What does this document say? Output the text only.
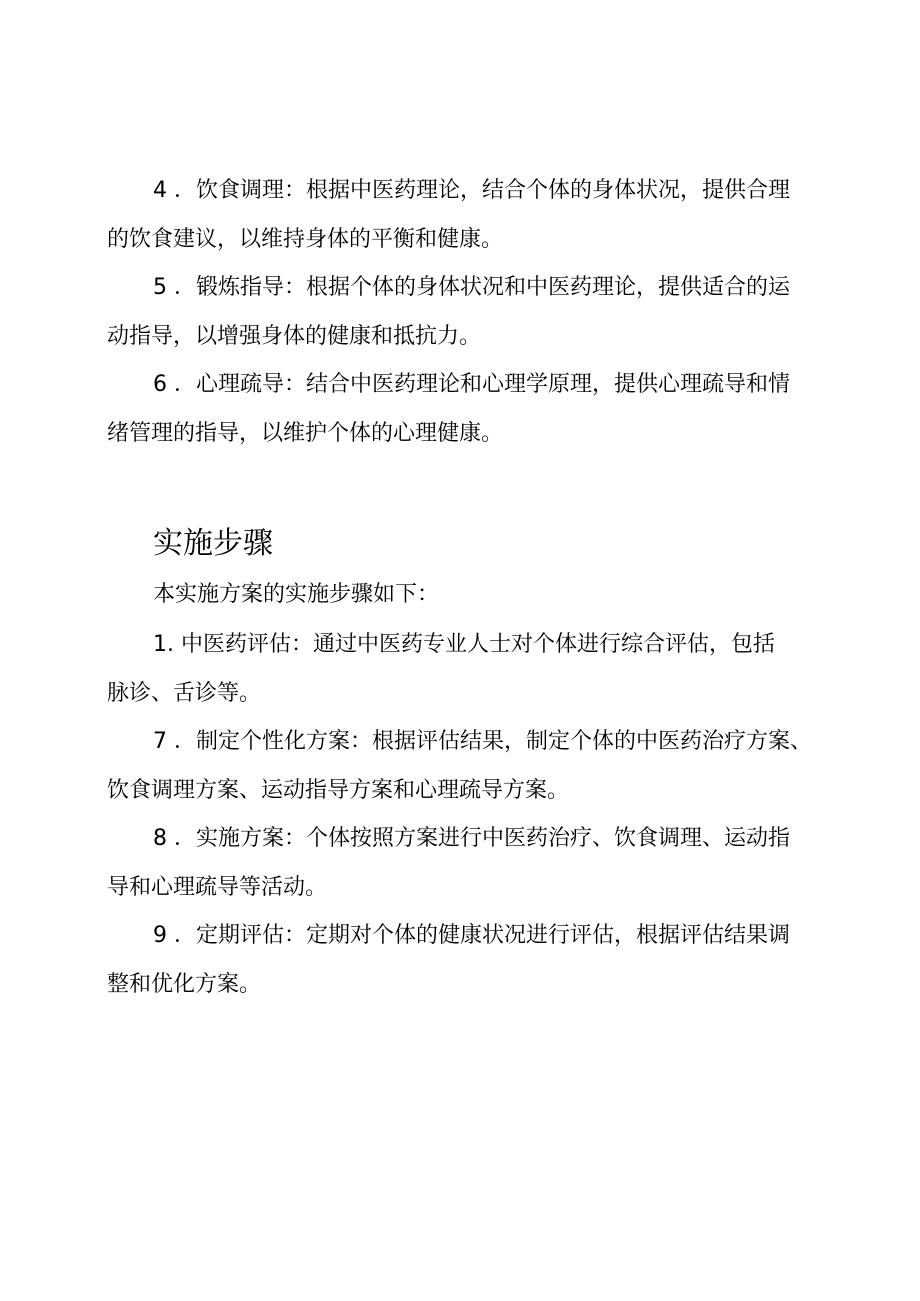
4 ．饮食调理：根据中医药理论，结合个体的身体状况，提供合理
的饮食建议，以维持身体的平衡和健康。

5 ．锻炼指导：根据个体的身体状况和中医药理论，提供适合的运
动指导，以增强身体的健康和抵抗力。

6 ．心理疏导：结合中医药理论和心理学原理，提供心理疏导和情
绪管理的指导，以维护个体的心理健康。

实施步骤

本实施方案的实施步骤如下：

1. 中医药评估：通过中医药专业人士对个体进行综合评估，包括
脉诊、舌诊等。

7 ．制定个性化方案：根据评估结果，制定个体的中医药治疗方案、
饮食调理方案、运动指导方案和心理疏导方案。

8 ．实施方案：个体按照方案进行中医药治疗、饮食调理、运动指
导和心理疏导等活动。

9 ．定期评估：定期对个体的健康状况进行评估，根据评估结果调
整和优化方案。
